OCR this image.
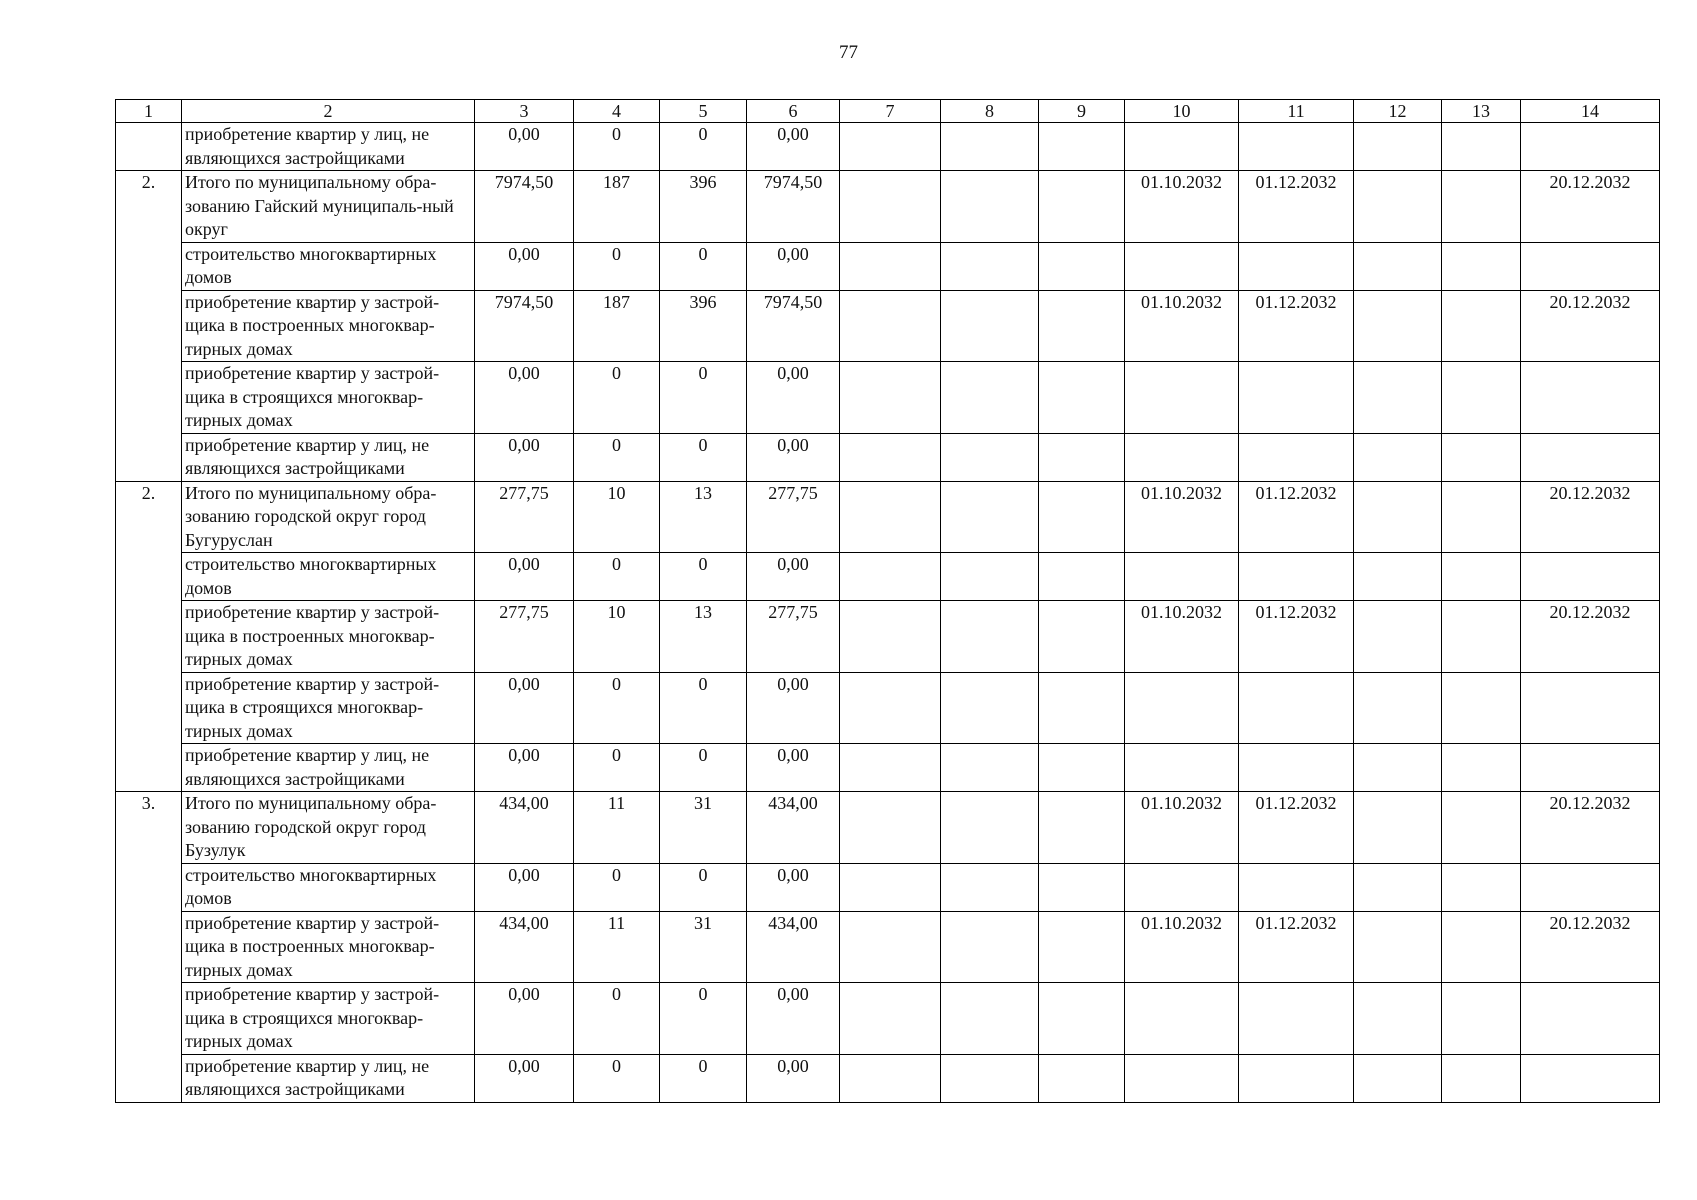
77
1	2	3	4	5	6	7	8	9	10	11	12	13	14
	приобретение квартир у лиц, не являющихся застройщиками	0,00	0	0	0,00								
2.	Итого по муниципальному обра-зованию Гайский муниципаль-ный округ	7974,50	187	396	7974,50				01.10.2032	01.12.2032			20.12.2032
	строительство многоквартирных домов	0,00	0	0	0,00								
	приобретение квартир у застрой-щика в построенных многоквар-тирных домах	7974,50	187	396	7974,50				01.10.2032	01.12.2032			20.12.2032
	приобретение квартир у застрой-щика в строящихся многоквар-тирных домах	0,00	0	0	0,00								
	приобретение квартир у лиц, не являющихся застройщиками	0,00	0	0	0,00								
2.	Итого по муниципальному обра-зованию городской округ город Бугуруслан	277,75	10	13	277,75				01.10.2032	01.12.2032			20.12.2032
	строительство многоквартирных домов	0,00	0	0	0,00								
	приобретение квартир у застрой-щика в построенных многоквар-тирных домах	277,75	10	13	277,75				01.10.2032	01.12.2032			20.12.2032
	приобретение квартир у застрой-щика в строящихся многоквар-тирных домах	0,00	0	0	0,00								
	приобретение квартир у лиц, не являющихся застройщиками	0,00	0	0	0,00								
3.	Итого по муниципальному обра-зованию городской округ город Бузулук	434,00	11	31	434,00				01.10.2032	01.12.2032			20.12.2032
	строительство многоквартирных домов	0,00	0	0	0,00								
	приобретение квартир у застрой-щика в построенных многоквар-тирных домах	434,00	11	31	434,00				01.10.2032	01.12.2032			20.12.2032
	приобретение квартир у застрой-щика в строящихся многоквар-тирных домах	0,00	0	0	0,00								
	приобретение квартир у лиц, не являющихся застройщиками	0,00	0	0	0,00								
